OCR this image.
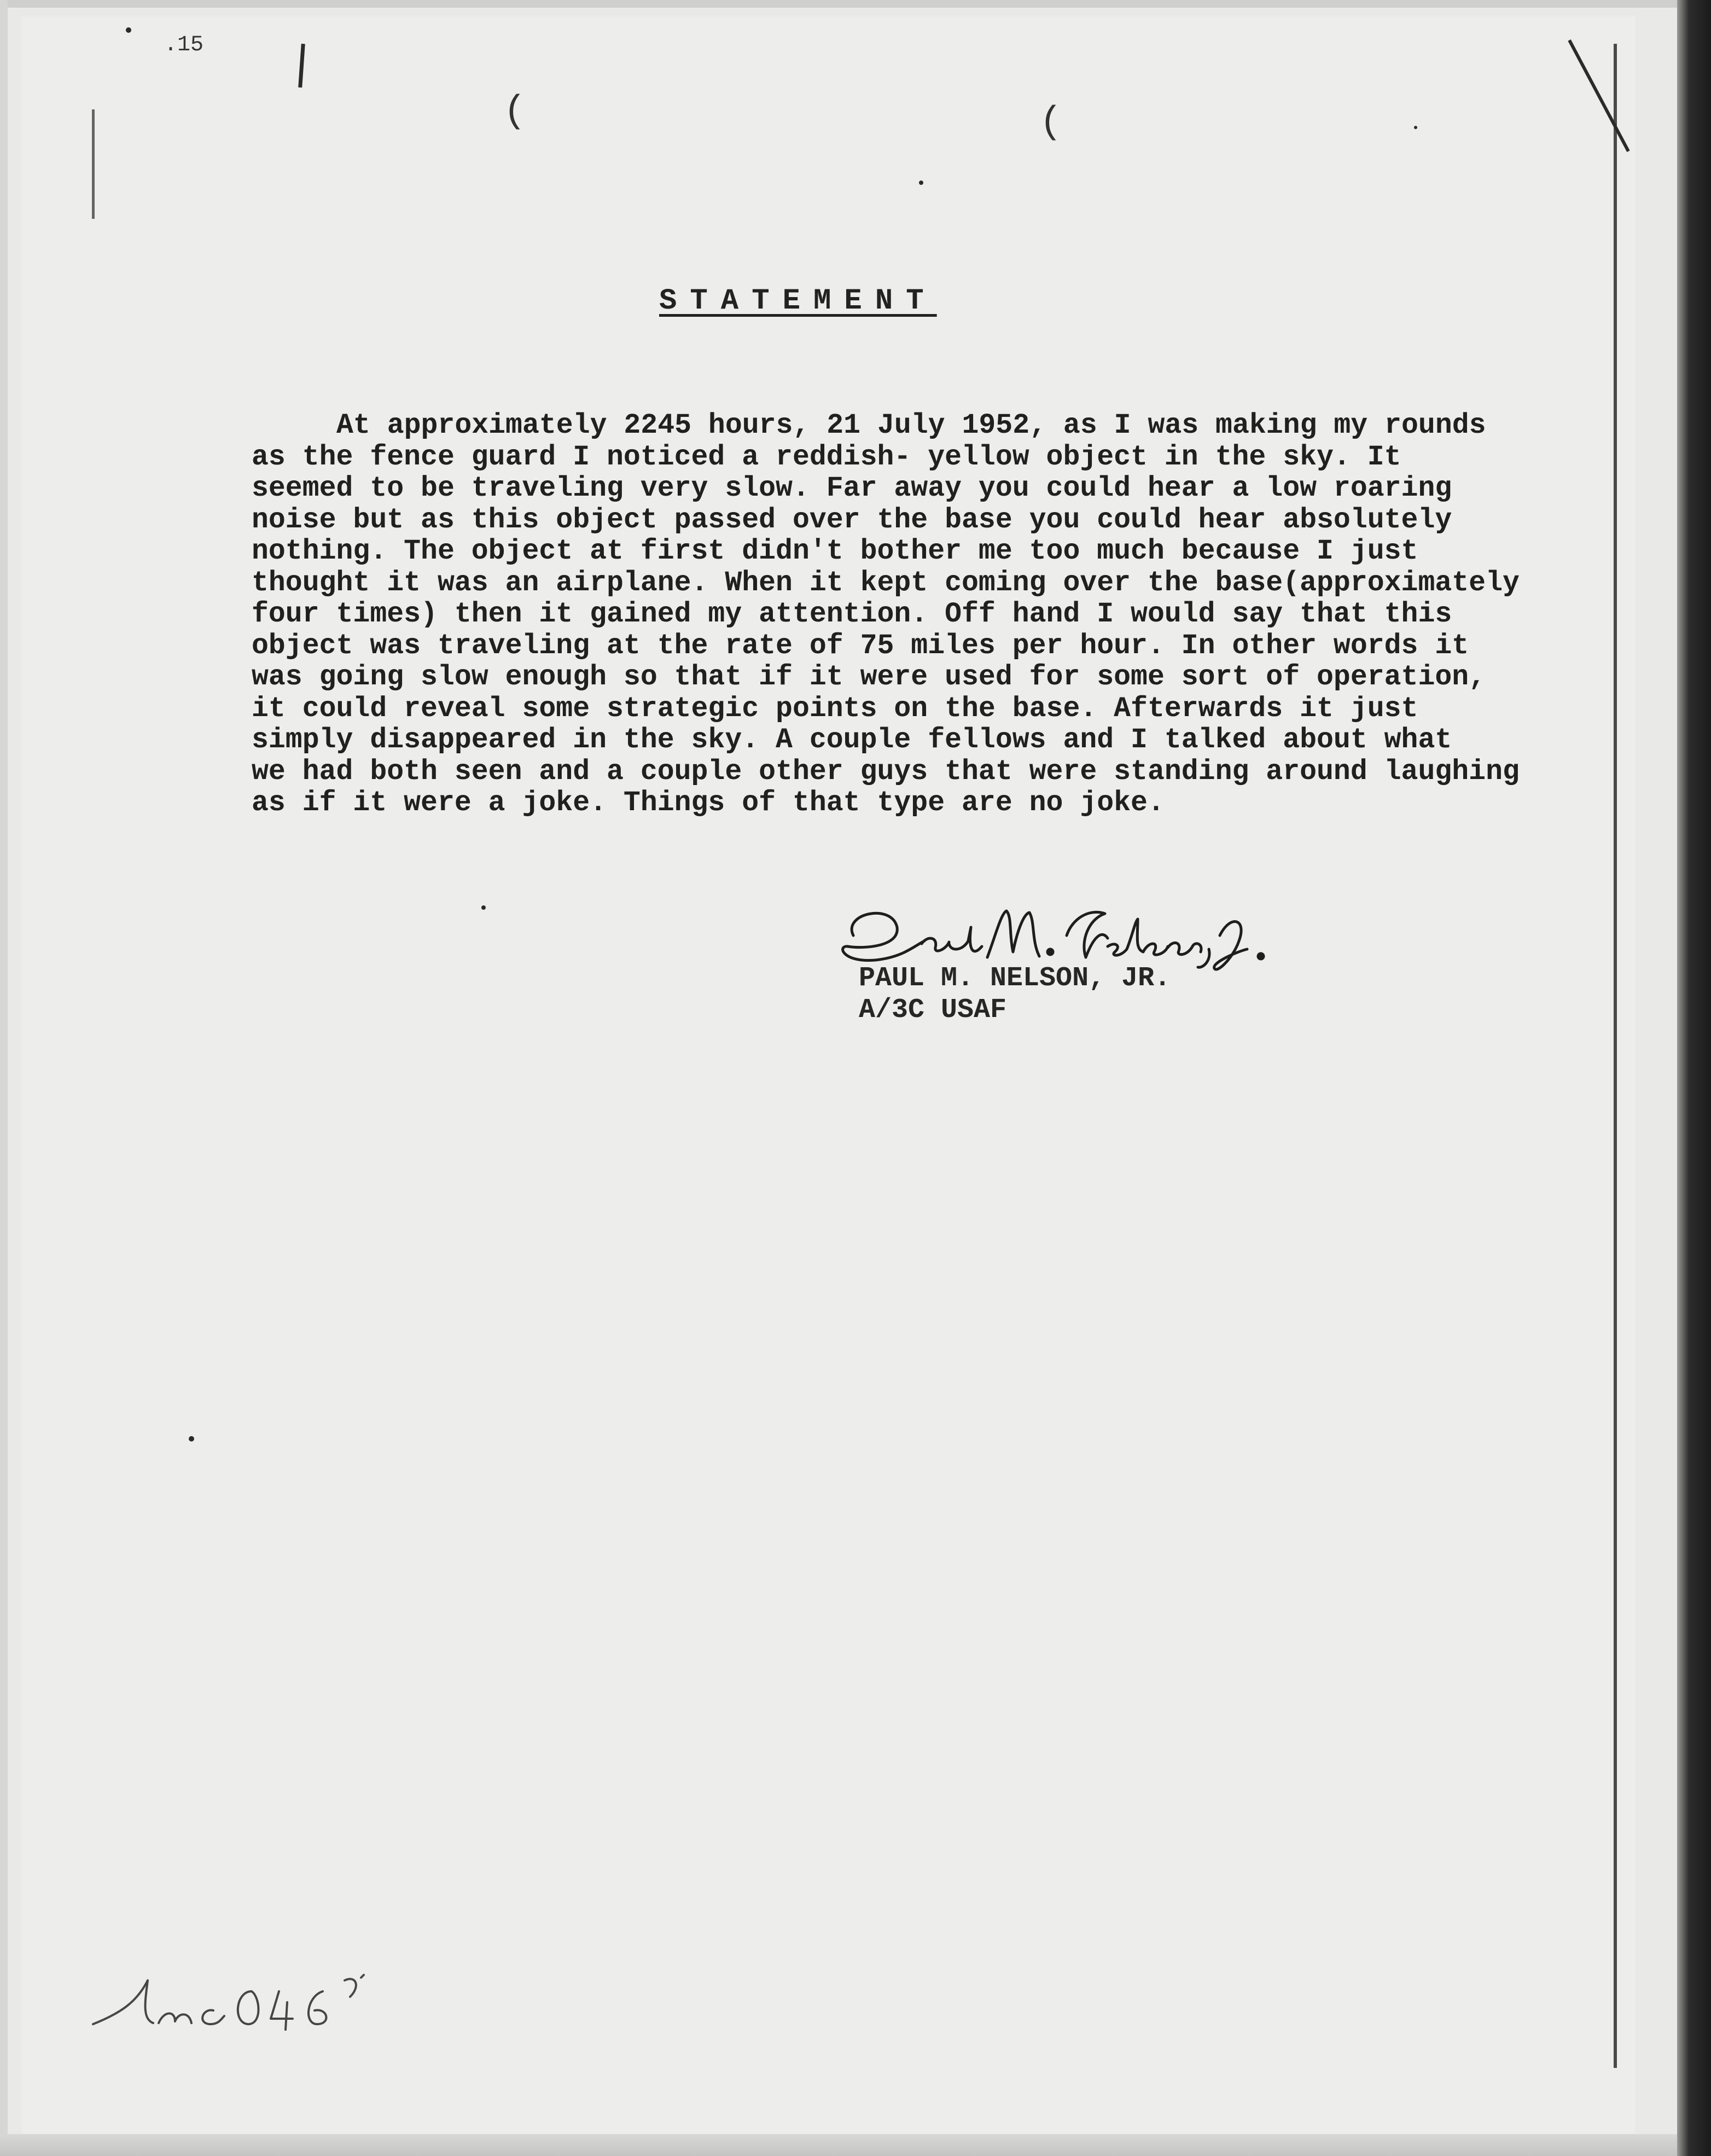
.15
(	(
STATEMENT
At approximately 2245 hours, 21 July 1952, as I was making my rounds
as the fence guard I noticed a reddish- yellow object in the sky. It
seemed to be traveling very slow. Far away you could hear a low roaring
noise but as this object passed over the base you could hear absolutely
nothing. The object at first didn't bother me too much because I just
thought it was an airplane. When it kept coming over the base(approximately
four times) then it gained my attention. Off hand I would say that this
object was traveling at the rate of 75 miles per hour. In other words it
was going slow enough so that if it were used for some sort of operation,
it could reveal some strategic points on the base. Afterwards it just
simply disappeared in the sky. A couple fellows and I talked about what
we had both seen and a couple other guys that were standing around laughing
as if it were a joke. Things of that type are no joke.
PAUL M. NELSON, JR.
A/3C USAF
